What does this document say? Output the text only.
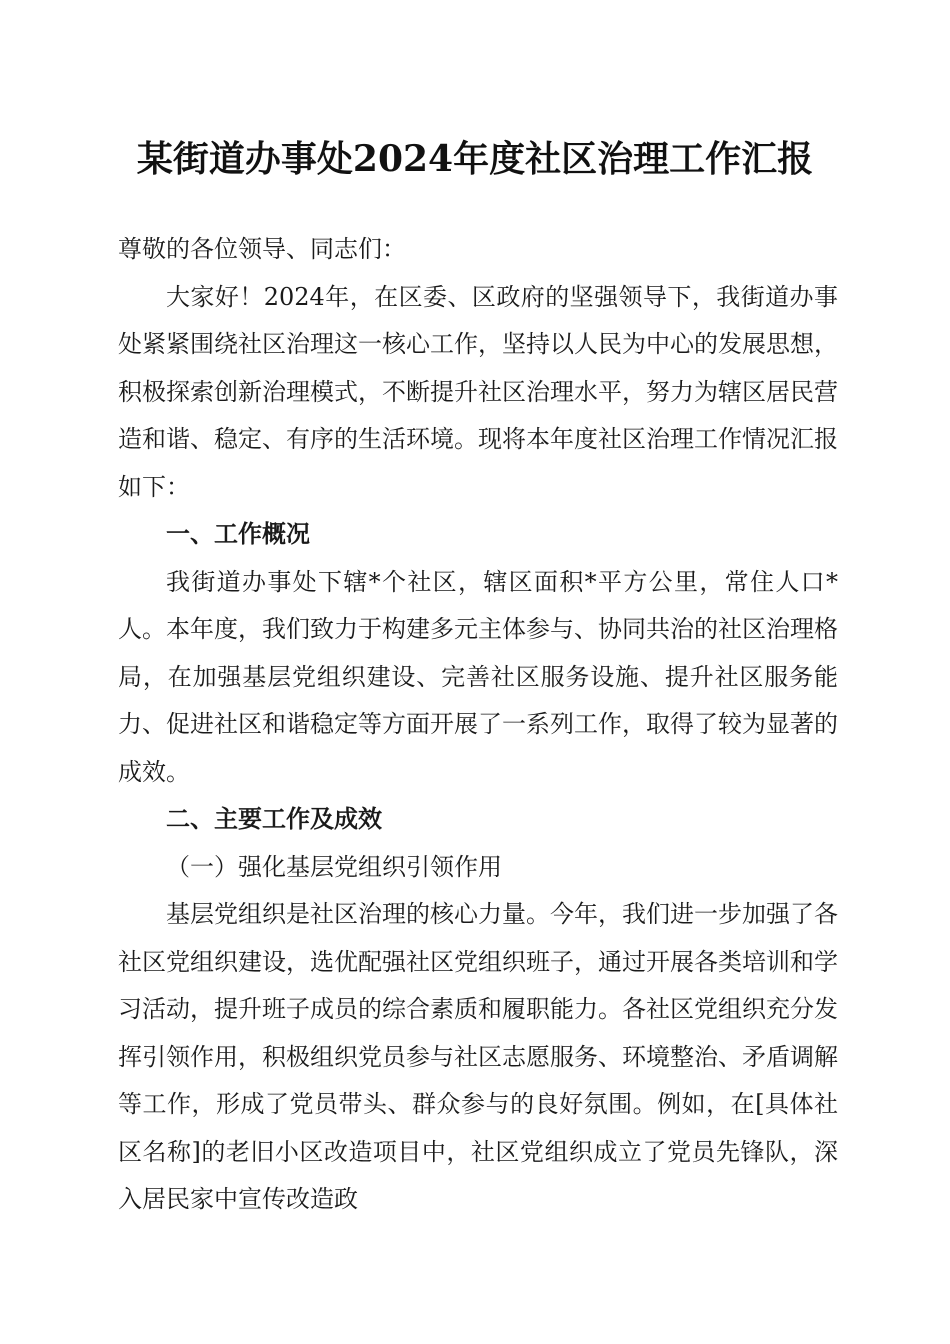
某街道办事处2024年度社区治理工作汇报

尊敬的各位领导、同志们：

大家好！2024年，在区委、区政府的坚强领导下，我街道办事处紧紧围绕社区治理这一核心工作，坚持以人民为中心的发展思想，积极探索创新治理模式，不断提升社区治理水平，努力为辖区居民营造和谐、稳定、有序的生活环境。现将本年度社区治理工作情况汇报如下：

一、工作概况

我街道办事处下辖*个社区，辖区面积*平方公里，常住人口*人。本年度，我们致力于构建多元主体参与、协同共治的社区治理格局，在加强基层党组织建设、完善社区服务设施、提升社区服务能力、促进社区和谐稳定等方面开展了一系列工作，取得了较为显著的成效。

二、主要工作及成效

（一）强化基层党组织引领作用

基层党组织是社区治理的核心力量。今年，我们进一步加强了各社区党组织建设，选优配强社区党组织班子，通过开展各类培训和学习活动，提升班子成员的综合素质和履职能力。各社区党组织充分发挥引领作用，积极组织党员参与社区志愿服务、环境整治、矛盾调解等工作，形成了党员带头、群众参与的良好氛围。例如，在[具体社区名称]的老旧小区改造项目中，社区党组织成立了党员先锋队，深入居民家中宣传改造政
